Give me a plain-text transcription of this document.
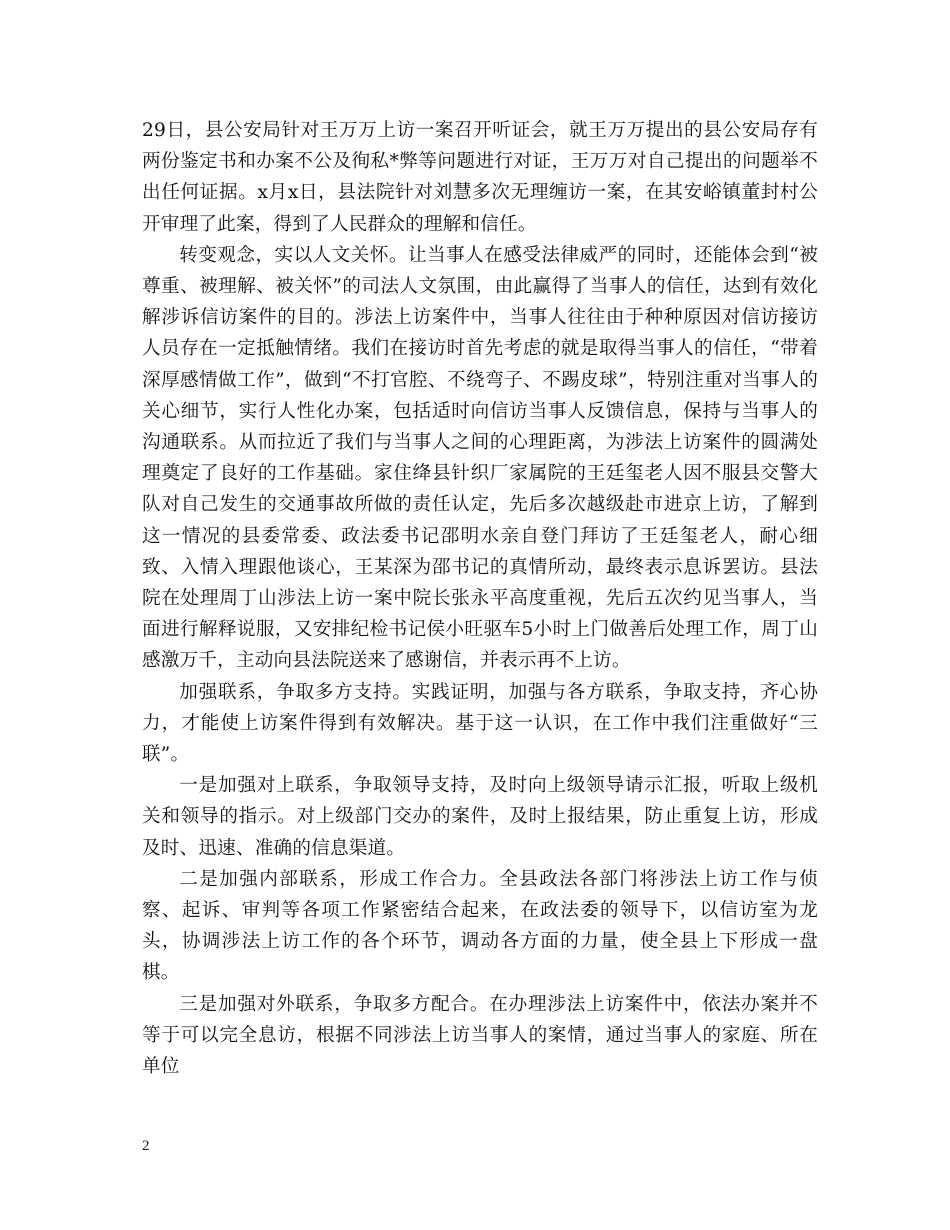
29日，县公安局针对王万万上访一案召开听证会，就王万万提出的县公安局存有两份鉴定书和办案不公及徇私*弊等问题进行对证，王万万对自己提出的问题举不出任何证据。x月x日，县法院针对刘慧多次无理缠访一案，在其安峪镇董封村公开审理了此案，得到了人民群众的理解和信任。

转变观念，实以人文关怀。让当事人在感受法律威严的同时，还能体会到“被尊重、被理解、被关怀”的司法人文氛围，由此赢得了当事人的信任，达到有效化解涉诉信访案件的目的。涉法上访案件中，当事人往往由于种种原因对信访接访人员存在一定抵触情绪。我们在接访时首先考虑的就是取得当事人的信任，“带着深厚感情做工作”，做到“不打官腔、不绕弯子、不踢皮球”，特别注重对当事人的关心细节，实行人性化办案，包括适时向信访当事人反馈信息，保持与当事人的沟通联系。从而拉近了我们与当事人之间的心理距离，为涉法上访案件的圆满处理奠定了良好的工作基础。家住绛县针织厂家属院的王廷玺老人因不服县交警大队对自己发生的交通事故所做的责任认定，先后多次越级赴市进京上访，了解到这一情况的县委常委、政法委书记邵明水亲自登门拜访了王廷玺老人，耐心细致、入情入理跟他谈心，王某深为邵书记的真情所动，最终表示息诉罢访。县法院在处理周丁山涉法上访一案中院长张永平高度重视，先后五次约见当事人，当面进行解释说服，又安排纪检书记侯小旺驱车5小时上门做善后处理工作，周丁山感激万千，主动向县法院送来了感谢信，并表示再不上访。

加强联系，争取多方支持。实践证明，加强与各方联系，争取支持，齐心协力，才能使上访案件得到有效解决。基于这一认识，在工作中我们注重做好“三联”。

一是加强对上联系，争取领导支持，及时向上级领导请示汇报，听取上级机关和领导的指示。对上级部门交办的案件，及时上报结果，防止重复上访，形成及时、迅速、准确的信息渠道。

二是加强内部联系，形成工作合力。全县政法各部门将涉法上访工作与侦察、起诉、审判等各项工作紧密结合起来，在政法委的领导下，以信访室为龙头，协调涉法上访工作的各个环节，调动各方面的力量，使全县上下形成一盘棋。

三是加强对外联系，争取多方配合。在办理涉法上访案件中，依法办案并不等于可以完全息访，根据不同涉法上访当事人的案情，通过当事人的家庭、所在单位

2
